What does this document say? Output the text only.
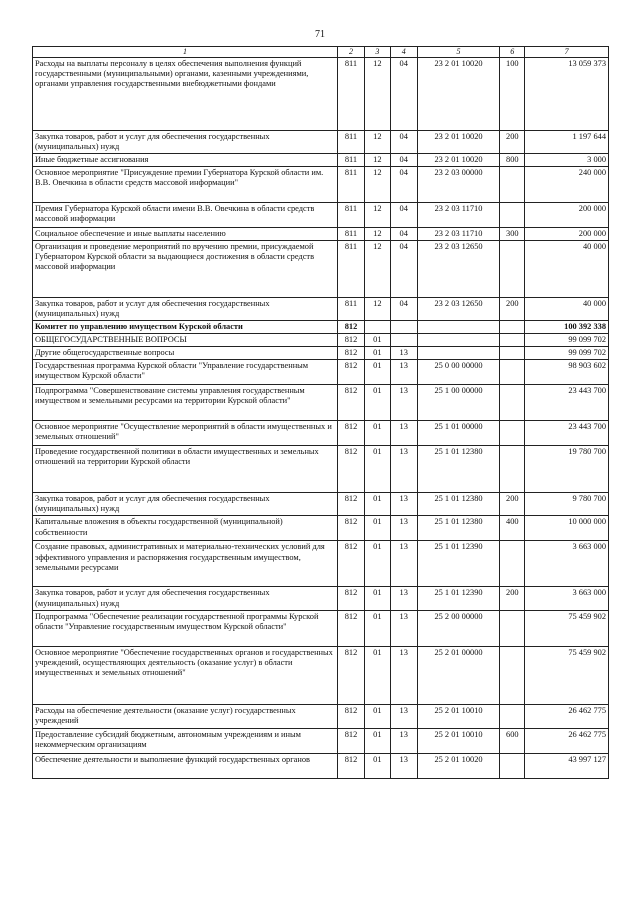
71
1	2	3	4	5	6	7
Расходы на выплаты персоналу в целях обеспечения выполнения функций государственными (муниципальными) органами, казенными учреждениями, органами управления государственными внебюджетными фондами	811	12	04	23 2 01 10020	100	13 059 373
Закупка товаров, работ и услуг для обеспечения государственных (муниципальных) нужд	811	12	04	23 2 01 10020	200	1 197 644
Иные бюджетные ассигнования	811	12	04	23 2 01 10020	800	3 000
Основное мероприятие "Присуждение премии Губернатора Курской области им. В.В. Овечкина в области средств массовой информации"	811	12	04	23 2 03 00000		240 000
Премия Губернатора Курской области имени В.В. Овечкина в области средств массовой информации	811	12	04	23 2 03 11710		200 000
Социальное обеспечение и иные выплаты населению	811	12	04	23 2 03 11710	300	200 000
Организация и проведение мероприятий по вручению премии, присуждаемой Губернатором Курской области за выдающиеся достижения в области средств массовой информации	811	12	04	23 2 03 12650		40 000
Закупка товаров, работ и услуг для обеспечения государственных (муниципальных) нужд	811	12	04	23 2 03 12650	200	40 000
Комитет по управлению имуществом Курской области	812					100 392 338
ОБЩЕГОСУДАРСТВЕННЫЕ ВОПРОСЫ	812	01				99 099 702
Другие общегосударственные вопросы	812	01	13			99 099 702
Государственная программа Курской области "Управление государственным имуществом Курской области"	812	01	13	25 0 00 00000		98 903 602
Подпрограмма "Совершенствование системы управления государственным имуществом и земельными ресурсами на территории Курской области"	812	01	13	25 1 00 00000		23 443 700
Основное мероприятие "Осуществление мероприятий в области имущественных и земельных отношений"	812	01	13	25 1 01 00000		23 443 700
Проведение государственной политики в области имущественных и земельных отношений на территории Курской области	812	01	13	25 1 01 12380		19 780 700
Закупка товаров, работ и услуг для обеспечения государственных (муниципальных) нужд	812	01	13	25 1 01 12380	200	9 780 700
Капитальные вложения в объекты государственной (муниципальной) собственности	812	01	13	25 1 01 12380	400	10 000 000
Создание правовых, административных и материально-технических условий для эффективного управления и распоряжения государственным имуществом, земельными ресурсами	812	01	13	25 1 01 12390		3 663 000
Закупка товаров, работ и услуг для обеспечения государственных (муниципальных) нужд	812	01	13	25 1 01 12390	200	3 663 000
Подпрограмма "Обеспечение реализации государственной программы Курской области "Управление государственным имуществом Курской области"	812	01	13	25 2 00 00000		75 459 902
Основное мероприятие "Обеспечение государственных органов и государственных учреждений, осуществляющих деятельность (оказание услуг) в области имущественных и земельных отношений"	812	01	13	25 2 01 00000		75 459 902
Расходы на обеспечение деятельности (оказание услуг) государственных учреждений	812	01	13	25 2 01 10010		26 462 775
Предоставление субсидий бюджетным, автономным учреждениям и иным некоммерческим организациям	812	01	13	25 2 01 10010	600	26 462 775
Обеспечение деятельности и выполнение функций государственных органов	812	01	13	25 2 01 10020		43 997 127
